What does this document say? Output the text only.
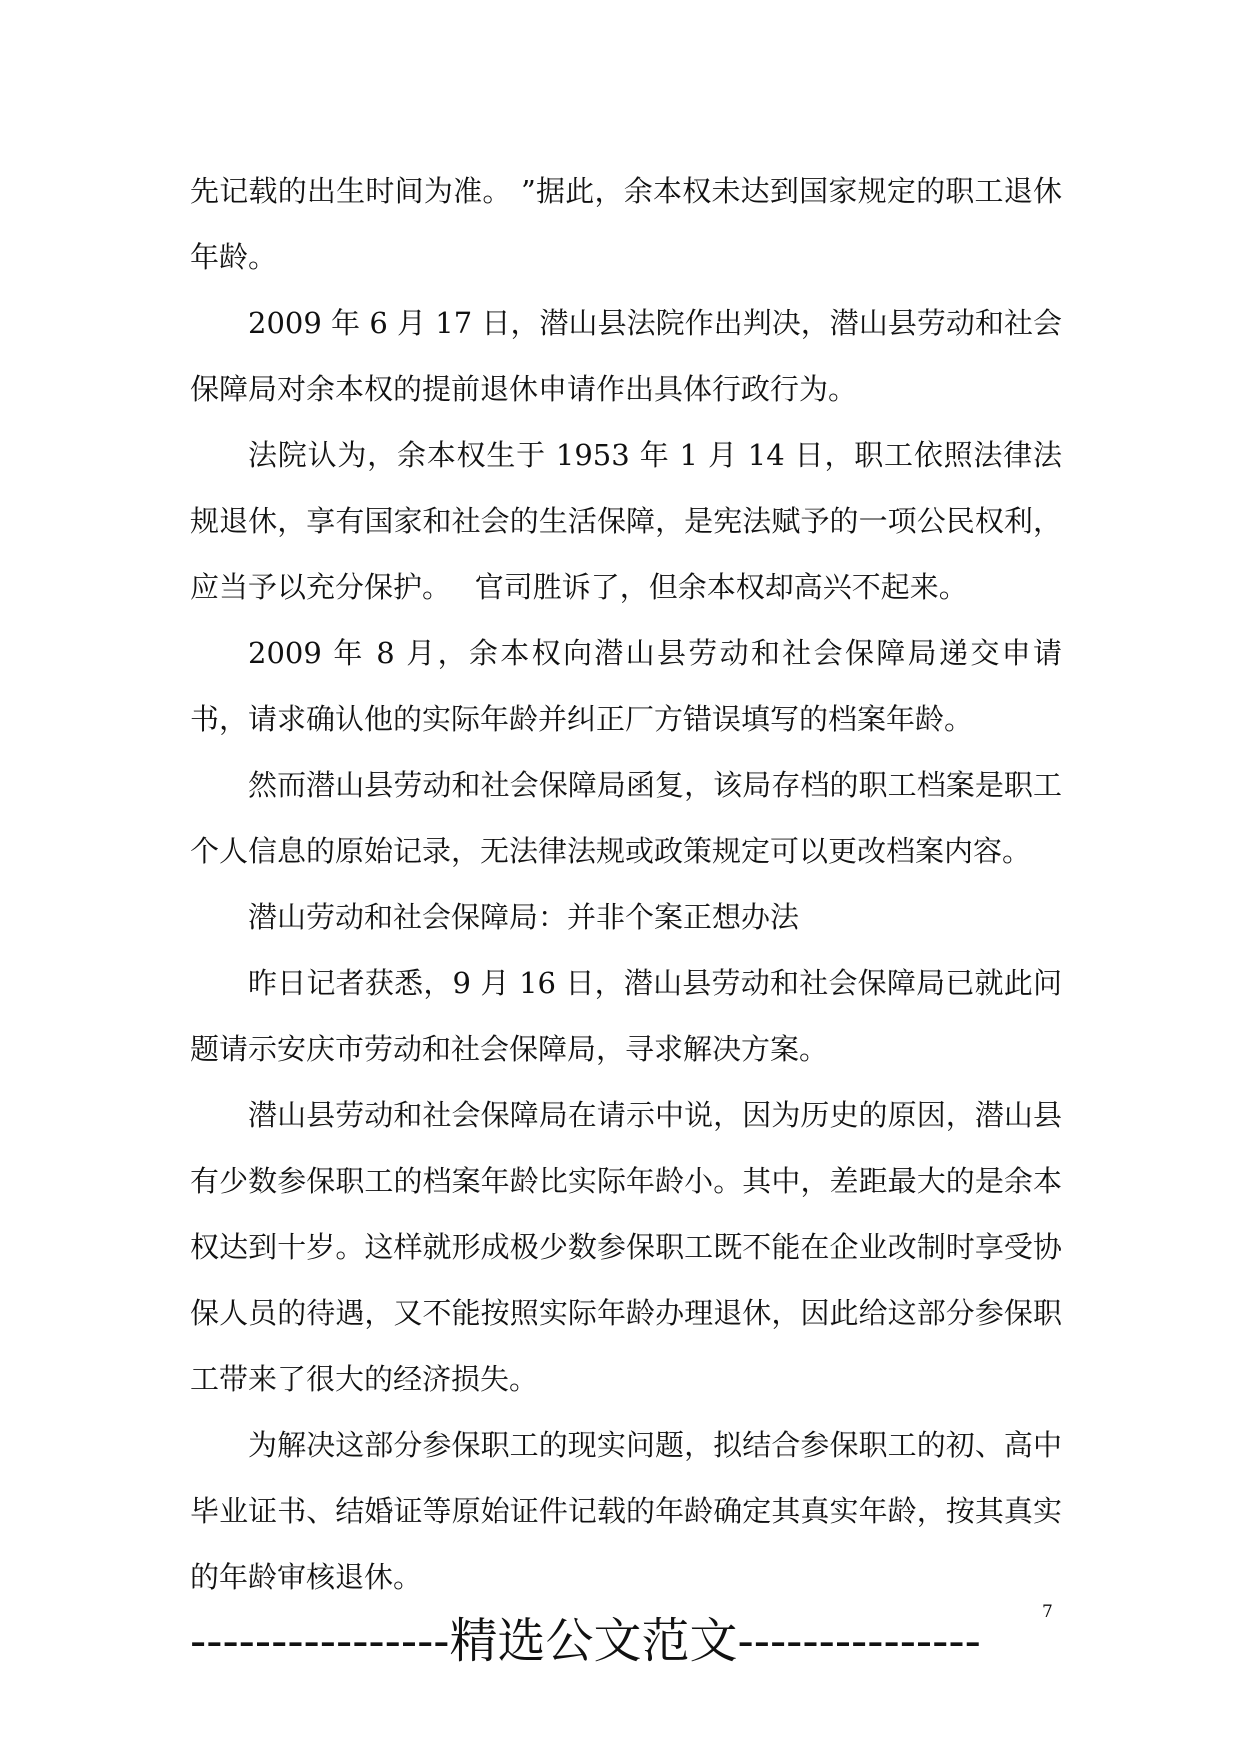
先记载的出生时间为准。 ”据此，余本权未达到国家规定的职工退休年龄。

2009 年 6 月 17 日，潜山县法院作出判决，潜山县劳动和社会保障局对余本权的提前退休申请作出具体行政行为。

法院认为，余本权生于 1953 年 1 月 14 日，职工依照法律法规退休，享有国家和社会的生活保障，是宪法赋予的一项公民权利，应当予以充分保护。　 官司胜诉了，但余本权却高兴不起来。

2009 年 8 月，余本权向潜山县劳动和社会保障局递交申请书，请求确认他的实际年龄并纠正厂方错误填写的档案年龄。

然而潜山县劳动和社会保障局函复，该局存档的职工档案是职工个人信息的原始记录，无法律法规或政策规定可以更改档案内容。

潜山劳动和社会保障局：并非个案正想办法

昨日记者获悉，9 月 16 日，潜山县劳动和社会保障局已就此问题请示安庆市劳动和社会保障局，寻求解决方案。

潜山县劳动和社会保障局在请示中说，因为历史的原因，潜山县有少数参保职工的档案年龄比实际年龄小。其中，差距最大的是余本权达到十岁。这样就形成极少数参保职工既不能在企业改制时享受协保人员的待遇，又不能按照实际年龄办理退休，因此给这部分参保职工带来了很大的经济损失。

为解决这部分参保职工的现实问题，拟结合参保职工的初、高中毕业证书、结婚证等原始证件记载的年龄确定其真实年龄，按其真实的年龄审核退休。

7
----------------精选公文范文---------------
